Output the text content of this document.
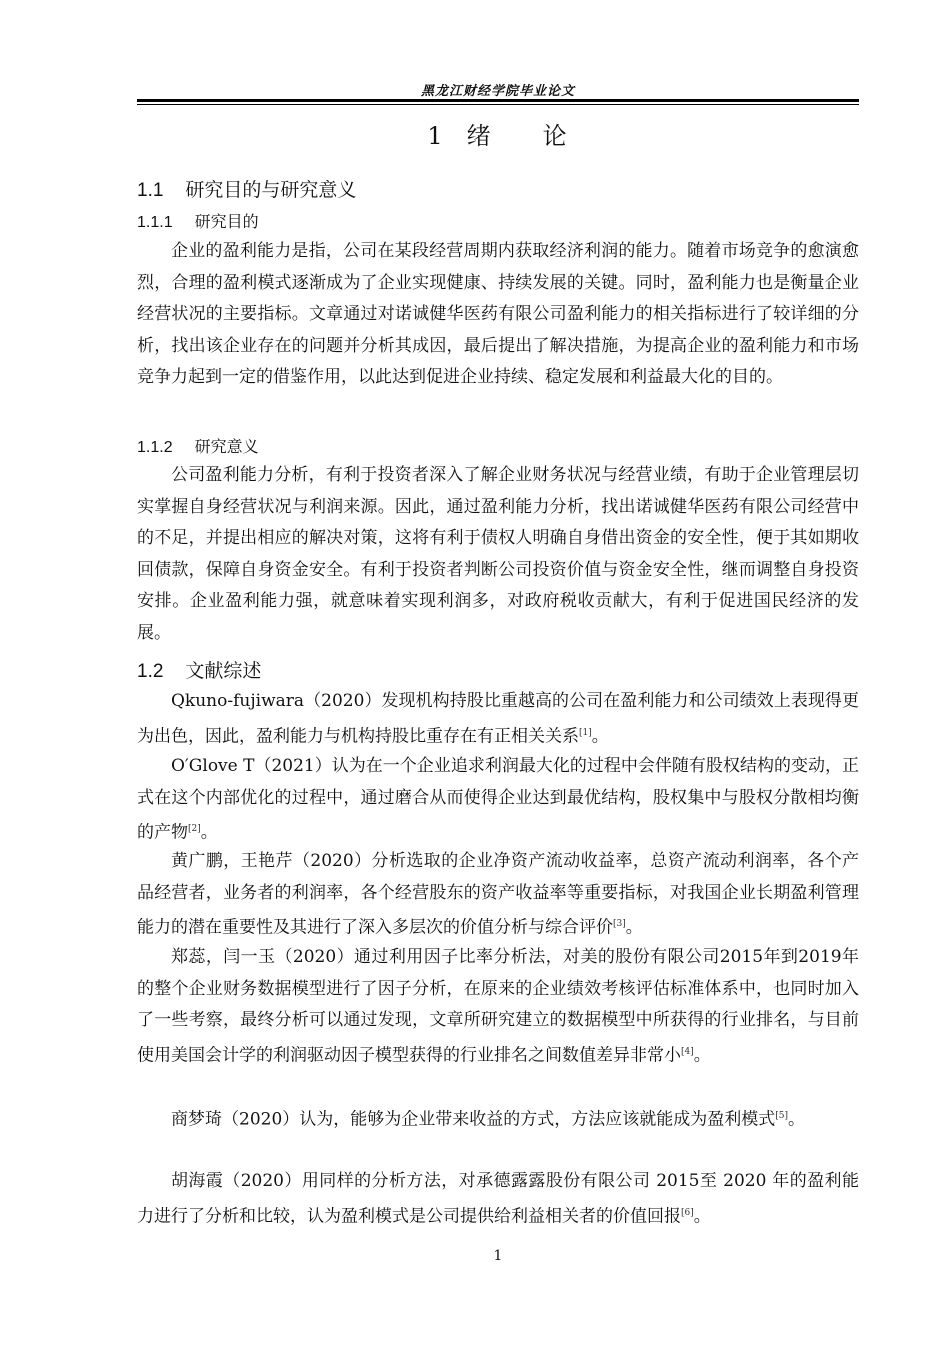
黑龙江财经学院毕业论文
1 绪 论
1.1 研究目的与研究意义
1.1.1 研究目的

企业的盈利能力是指，公司在某段经营周期内获取经济利润的能力。随着市场竞争的愈演愈烈，合理的盈利模式逐渐成为了企业实现健康、持续发展的关键。同时，盈利能力也是衡量企业经营状况的主要指标。文章通过对诺诚健华医药有限公司盈利能力的相关指标进行了较详细的分析，找出该企业存在的问题并分析其成因，最后提出了解决措施，为提高企业的盈利能力和市场竞争力起到一定的借鉴作用，以此达到促进企业持续、稳定发展和利益最大化的目的。

1.1.2 研究意义

公司盈利能力分析，有利于投资者深入了解企业财务状况与经营业绩，有助于企业管理层切实掌握自身经营状况与利润来源。因此，通过盈利能力分析，找出诺诚健华医药有限公司经营中的不足，并提出相应的解决对策，这将有利于债权人明确自身借出资金的安全性，便于其如期收回债款，保障自身资金安全。有利于投资者判断公司投资价值与资金安全性，继而调整自身投资安排。企业盈利能力强，就意味着实现利润多，对政府税收贡献大，有利于促进国民经济的发展。

1.2 文献综述

Qkuno-fujiwara（2020）发现机构持股比重越高的公司在盈利能力和公司绩效上表现得更为出色，因此，盈利能力与机构持股比重存在有正相关关系[1]。

O′Glove T（2021）认为在一个企业追求利润最大化的过程中会伴随有股权结构的变动，正式在这个内部优化的过程中，通过磨合从而使得企业达到最优结构，股权集中与股权分散相均衡的产物[2]。

黄广鹏，王艳芹（2020）分析选取的企业净资产流动收益率，总资产流动利润率，各个产品经营者，业务者的利润率，各个经营股东的资产收益率等重要指标，对我国企业长期盈利管理能力的潜在重要性及其进行了深入多层次的价值分析与综合评价[3]。

郑蕊，闫一玉（2020）通过利用因子比率分析法，对美的股份有限公司2015年到2019年的整个企业财务数据模型进行了因子分析，在原来的企业绩效考核评估标准体系中，也同时加入了一些考察，最终分析可以通过发现，文章所研究建立的数据模型中所获得的行业排名，与目前使用美国会计学的利润驱动因子模型获得的行业排名之间数值差异非常小[4]。

商梦琦（2020）认为，能够为企业带来收益的方式，方法应该就能成为盈利模式[5]。

胡海霞（2020）用同样的分析方法，对承德露露股份有限公司 2015至 2020 年的盈利能力进行了分析和比较，认为盈利模式是公司提供给利益相关者的价值回报[6]。

1
